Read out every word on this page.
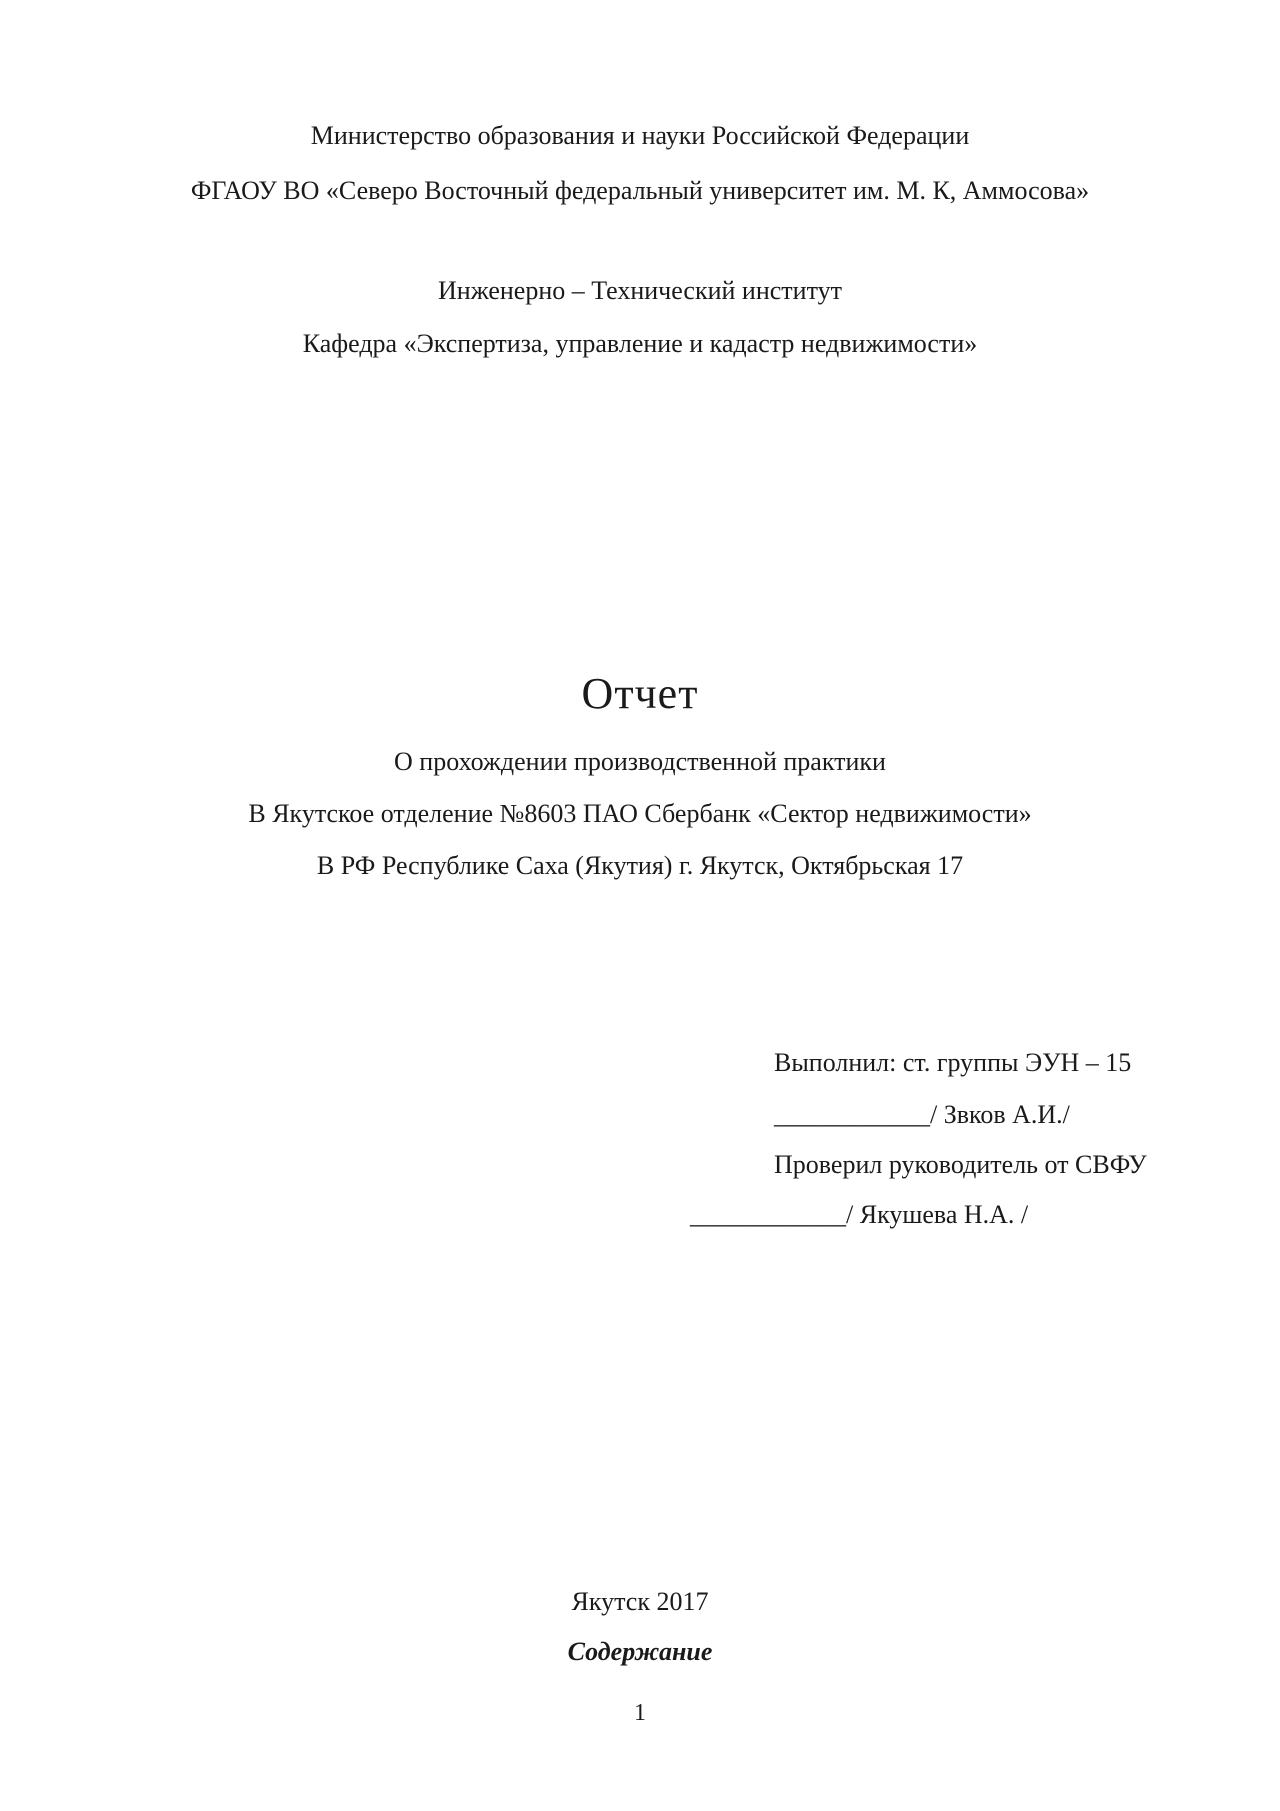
Министерство образования и науки Российской Федерации
ФГАОУ ВО «Северо Восточный федеральный университет им. М. К, Аммосова»
Инженерно – Технический институт
Кафедра «Экспертиза, управление и кадастр недвижимости»
Отчет
О прохождении производственной практики
В Якутское отделение №8603 ПАО Сбербанк «Сектор недвижимости»
В РФ Республике Саха (Якутия) г. Якутск, Октябрьская 17
Выполнил: ст. группы ЭУН – 15
____________/ Звков А.И./
Проверил руководитель от СВФУ
____________/ Якушева Н.А. /
Якутск 2017
Содержание
1
